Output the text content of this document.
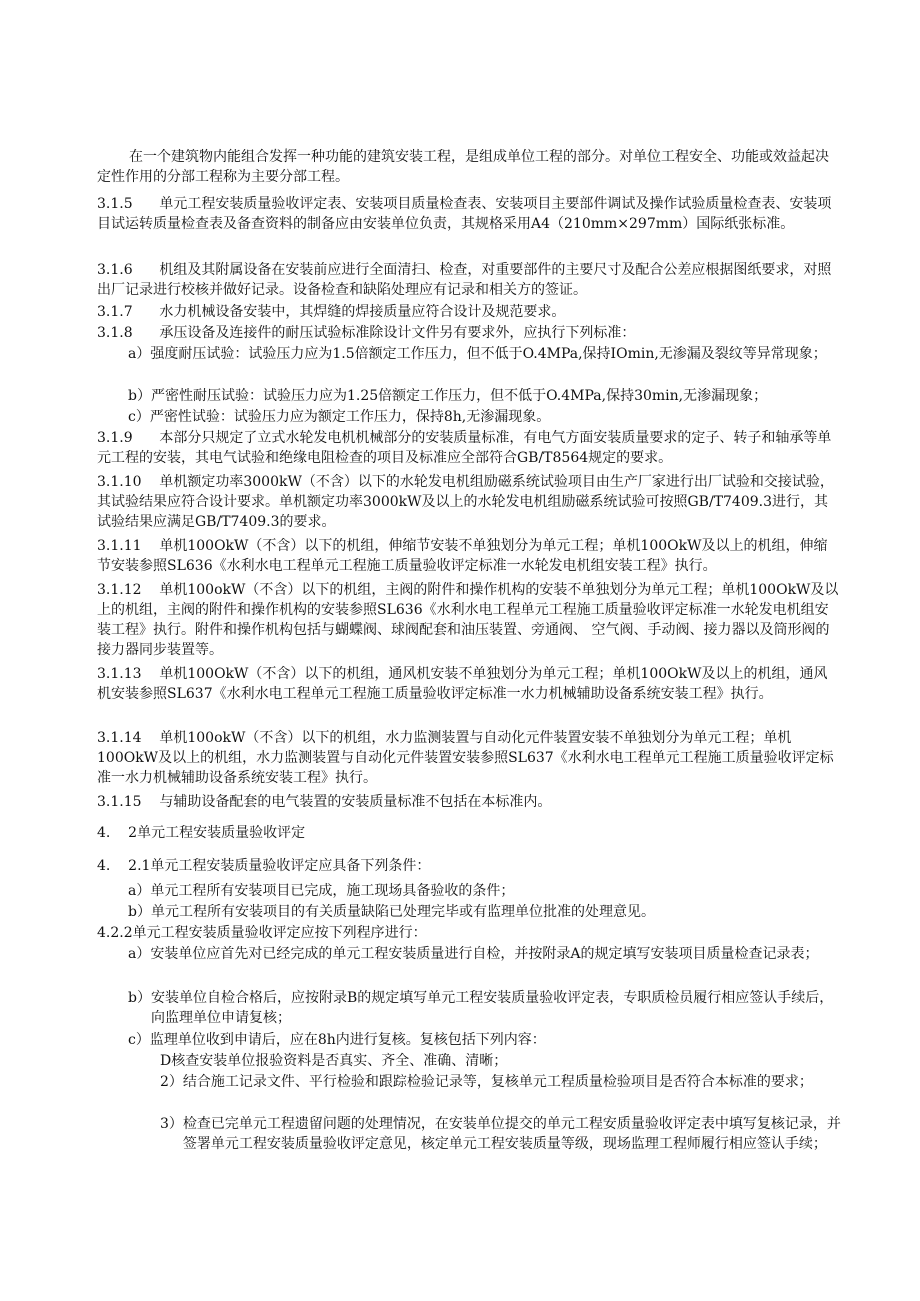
在一个建筑物内能组合发挥一种功能的建筑安装工程，是组成单位工程的部分。对单位工程安全、功能或效益起决定性作用的分部工程称为主要分部工程。
3.1.5 单元工程安装质量验收评定表、安装项目质量检查表、安装项目主要部件调试及操作试验质量检查表、安装项目试运转质量检查表及备查资料的制备应由安装单位负责，其规格采用A4（210mm×297mm）国际纸张标准。
3.1.6 机组及其附属设备在安装前应进行全面清扫、检查，对重要部件的主要尺寸及配合公差应根据图纸要求，对照出厂记录进行校核并做好记录。设备检查和缺陷处理应有记录和相关方的签证。
3.1.7 水力机械设备安装中，其焊缝的焊接质量应符合设计及规范要求。
3.1.8 承压设备及连接件的耐压试验标准除设计文件另有要求外，应执行下列标准：
a） 强度耐压试验：试验压力应为1.5倍额定工作压力，但不低于O.4MPa,保持IOmin,无渗漏及裂纹等异常现象；
b） 严密性耐压试验：试验压力应为1.25倍额定工作压力，但不低于O.4MPa,保持30min,无渗漏现象；
c） 严密性试验：试验压力应为额定工作压力，保持8h,无渗漏现象。
3.1.9 本部分只规定了立式水轮发电机机械部分的安装质量标准，有电气方面安装质量要求的定子、转子和轴承等单元工程的安装，其电气试验和绝缘电阻检查的项目及标准应全部符合GB/T8564规定的要求。
3.1.10 单机额定功率3000kW（不含）以下的水轮发电机组励磁系统试验项目由生产厂家进行出厂试验和交接试验，其试验结果应符合设计要求。单机额定功率3000kW及以上的水轮发电机组励磁系统试验可按照GB/T7409.3进行，其试验结果应满足GB/T7409.3的要求。
3.1.11 单机100OkW（不含）以下的机组，伸缩节安装不单独划分为单元工程；单机100OkW及以上的机组，伸缩节安装参照SL636《水利水电工程单元工程施工质量验收评定标准一水轮发电机组安装工程》执行。
3.1.12 单机100okW（不含）以下的机组，主阀的附件和操作机构的安装不单独划分为单元工程；单机100OkW及以上的机组，主阀的附件和操作机构的安装参照SL636《水利水电工程单元工程施工质量验收评定标准一水轮发电机组安装工程》执行。附件和操作机构包括与蝴蝶阀、球阀配套和油压装置、旁通阀、 空气阀、手动阀、接力器以及筒形阀的接力器同步装置等。
3.1.13 单机100OkW（不含）以下的机组，通风机安装不单独划分为单元工程；单机100OkW及以上的机组，通风机安装参照SL637《水利水电工程单元工程施工质量验收评定标准一水力机械辅助设备系统安装工程》执行。
3.1.14 单机100okW（不含）以下的机组，水力监测装置与自动化元件装置安装不单独划分为单元工程；单机100OkW及以上的机组，水力监测装置与自动化元件装置安装参照SL637《水利水电工程单元工程施工质量验收评定标准一水力机械辅助设备系统安装工程》执行。
3.1.15 与辅助设备配套的电气装置的安装质量标准不包括在本标准内。
4. 2单元工程安装质量验收评定
4. 2.1单元工程安装质量验收评定应具备下列条件：
a） 单元工程所有安装项目已完成，施工现场具备验收的条件；
b） 单元工程所有安装项目的有关质量缺陷已处理完毕或有监理单位批准的处理意见。
4.2.2单元工程安装质量验收评定应按下列程序进行：
a） 安装单位应首先对已经完成的单元工程安装质量进行自检，并按附录A的规定填写安装项目质量检查记录表；
b） 安装单位自检合格后，应按附录B的规定填写单元工程安装质量验收评定表，专职质检员履行相应签认手续后， 向监理单位申请复核；
c） 监理单位收到申请后，应在8h内进行复核。复核包括下列内容：
D核查安装单位报验资料是否真实、齐全、准确、清晰；
2） 结合施工记录文件、平行检验和跟踪检验记录等，复核单元工程质量检验项目是否符合本标准的要求；
3） 检查已完单元工程遗留问题的处理情况，在安装单位提交的单元工程安质量验收评定表中填写复核记录，并签署单元工程安装质量验收评定意见，核定单元工程安装质量等级，现场监理工程师履行相应签认手续；
